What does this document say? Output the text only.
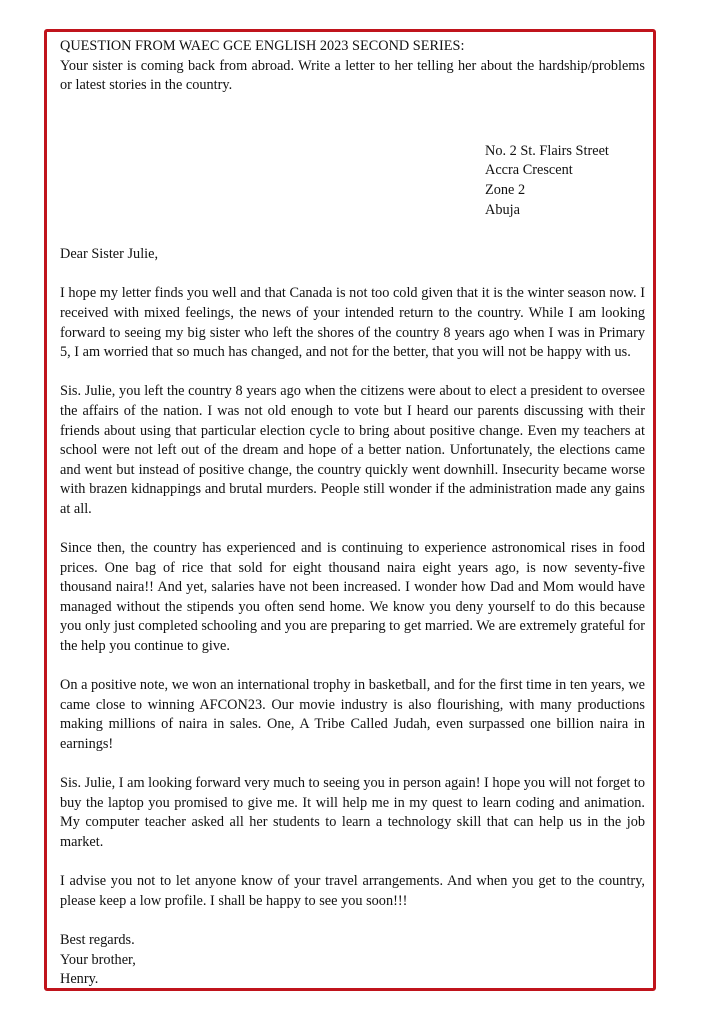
QUESTION FROM WAEC GCE ENGLISH 2023 SECOND SERIES:

Your sister is coming back from abroad. Write a letter to her telling her about the hardship/problems or latest stories in the country.

No. 2 St. Flairs Street
Accra Crescent
Zone 2
Abuja

Dear Sister Julie,

I hope my letter finds you well and that Canada is not too cold given that it is the winter season now. I received with mixed feelings, the news of your intended return to the country. While I am looking forward to seeing my big sister who left the shores of the country 8 years ago when I was in Primary 5, I am worried that so much has changed, and not for the better, that you will not be happy with us.

Sis. Julie, you left the country 8 years ago when the citizens were about to elect a president to oversee the affairs of the nation. I was not old enough to vote but I heard our parents discussing with their friends about using that particular election cycle to bring about positive change. Even my teachers at school were not left out of the dream and hope of a better nation. Unfortunately, the elections came and went but instead of positive change, the country quickly went downhill. Insecurity became worse with brazen kidnappings and brutal murders. People still wonder if the administration made any gains at all.

Since then, the country has experienced and is continuing to experience astronomical rises in food prices. One bag of rice that sold for eight thousand naira eight years ago, is now seventy-five thousand naira!! And yet, salaries have not been increased. I wonder how Dad and Mom would have managed without the stipends you often send home. We know you deny yourself to do this because you only just completed schooling and you are preparing to get married. We are extremely grateful for the help you continue to give.

On a positive note, we won an international trophy in basketball, and for the first time in ten years, we came close to winning AFCON23. Our movie industry is also flourishing, with many productions making millions of naira in sales. One, A Tribe Called Judah, even surpassed one billion naira in earnings!

Sis. Julie, I am looking forward very much to seeing you in person again! I hope you will not forget to buy the laptop you promised to give me. It will help me in my quest to learn coding and animation. My computer teacher asked all her students to learn a technology skill that can help us in the job market.

I advise you not to let anyone know of your travel arrangements. And when you get to the country, please keep a low profile. I shall be happy to see you soon!!!

Best regards.
Your brother,
Henry.
